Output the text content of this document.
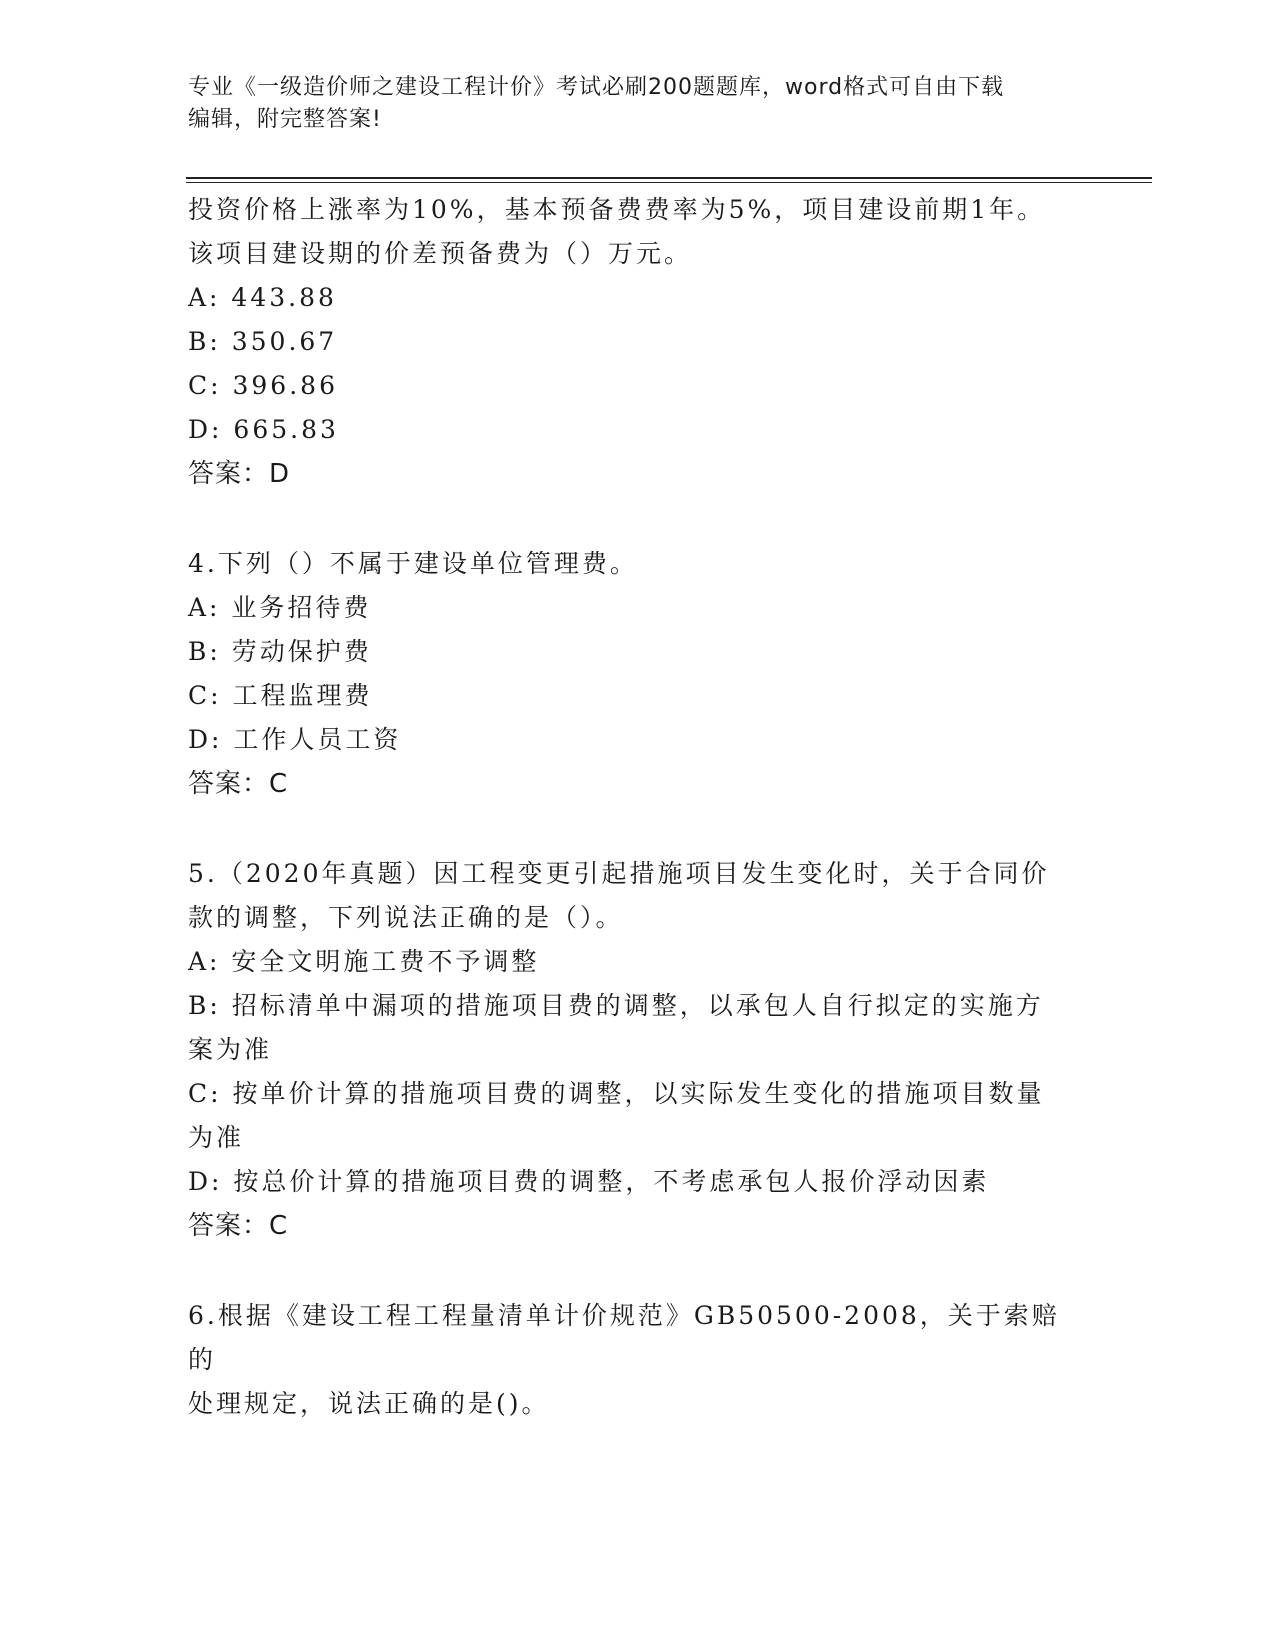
专业《一级造价师之建设工程计价》考试必刷200题题库，word格式可自由下载
编辑，附完整答案!
投资价格上涨率为10%，基本预备费费率为5%，项目建设前期1年。
该项目建设期的价差预备费为（）万元。
A: 443.88
B: 350.67
C: 396.86
D: 665.83
答案：D
4.下列（）不属于建设单位管理费。
A: 业务招待费
B: 劳动保护费
C: 工程监理费
D: 工作人员工资
答案：C
5.（2020年真题）因工程变更引起措施项目发生变化时，关于合同价
款的调整，下列说法正确的是（）。
A: 安全文明施工费不予调整
B: 招标清单中漏项的措施项目费的调整，以承包人自行拟定的实施方
案为准
C: 按单价计算的措施项目费的调整，以实际发生变化的措施项目数量
为准
D: 按总价计算的措施项目费的调整，不考虑承包人报价浮动因素
答案：C
6.根据《建设工程工程量清单计价规范》GB50500-2008，关于索赔的
处理规定，说法正确的是()。
